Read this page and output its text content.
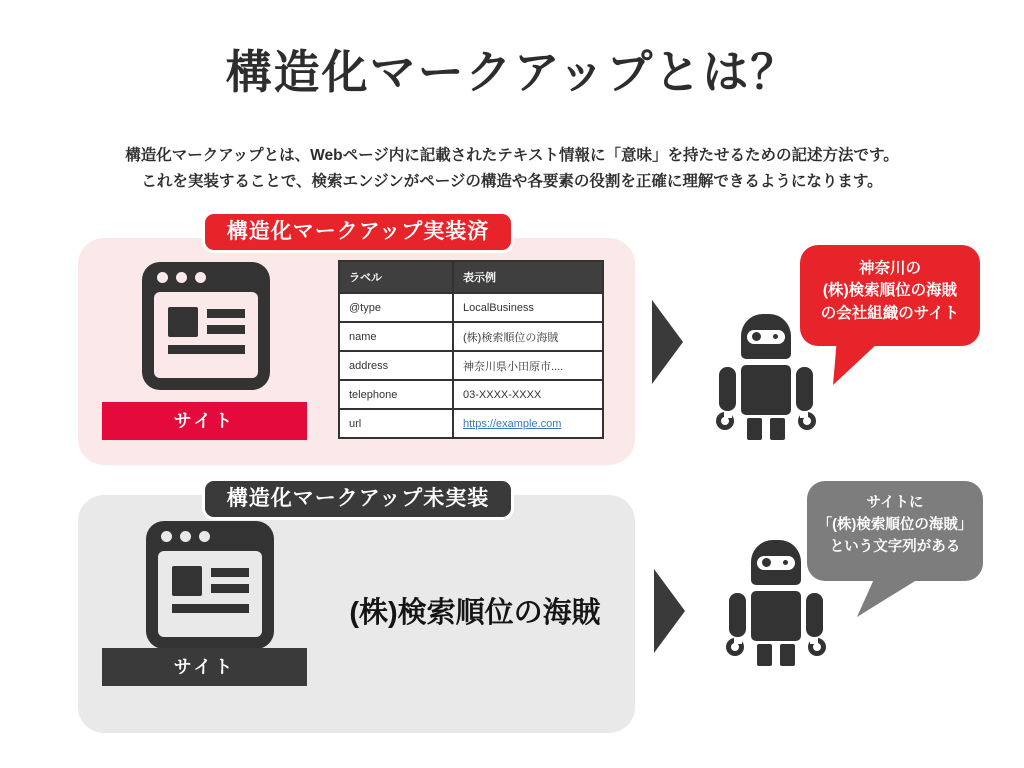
構造化マークアップとは？
構造化マークアップとは、Webページ内に記載されたテキスト情報に「意味」を持たせるための記述方法です。
これを実装することで、検索エンジンがページの構造や各要素の役割を正確に理解できるようになります。
構造化マークアップ実装済
サイト
ラベル	表示例
@type	LocalBusiness
name	(株)検索順位の海賊
address	神奈川県小田原市....
telephone	03-XXXX-XXXX
url	https://example.com
神奈川の
(株)検索順位の海賊
の会社組織のサイト
構造化マークアップ未実装
サイト
(株)検索順位の海賊
サイトに
「(株)検索順位の海賊」
という文字列がある
